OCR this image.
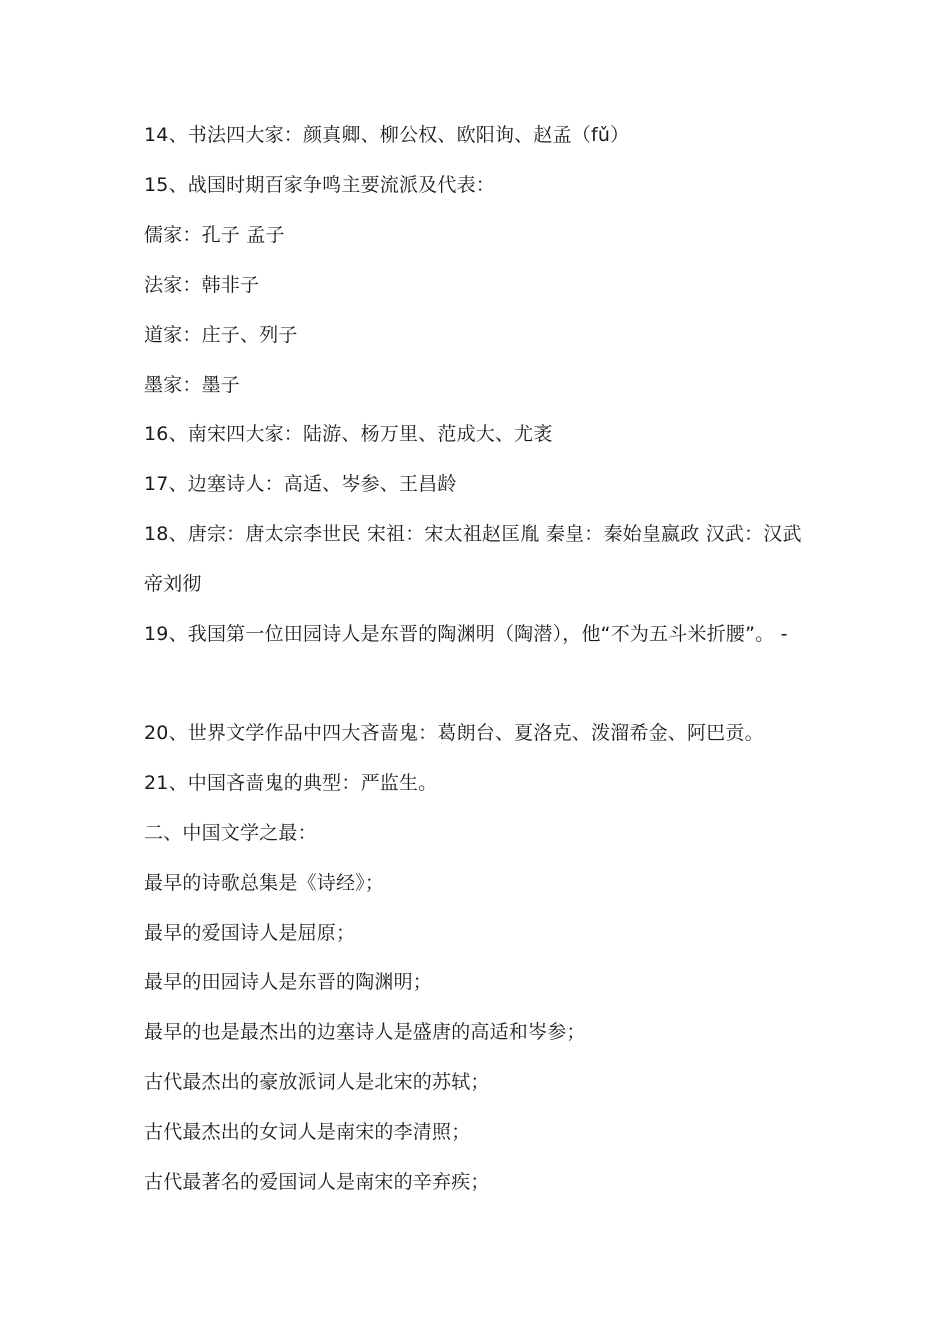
14、书法四大家：颜真卿、柳公权、欧阳询、赵孟（fǔ）
15、战国时期百家争鸣主要流派及代表：
儒家：孔子 孟子
法家：韩非子
道家：庄子、列子
墨家：墨子
16、南宋四大家：陆游、杨万里、范成大、尤袤
17、边塞诗人：高适、岑参、王昌龄
18、唐宗：唐太宗李世民 宋祖：宋太祖赵匡胤 秦皇：秦始皇嬴政 汉武：汉武
帝刘彻
19、我国第一位田园诗人是东晋的陶渊明（陶潜），他“不为五斗米折腰”。 -
20、世界文学作品中四大吝啬鬼：葛朗台、夏洛克、泼溜希金、阿巴贡。
21、中国吝啬鬼的典型：严监生。
二、中国文学之最：
最早的诗歌总集是《诗经》；
最早的爱国诗人是屈原；
最早的田园诗人是东晋的陶渊明；
最早的也是最杰出的边塞诗人是盛唐的高适和岑参；
古代最杰出的豪放派词人是北宋的苏轼；
古代最杰出的女词人是南宋的李清照；
古代最著名的爱国词人是南宋的辛弃疾；
